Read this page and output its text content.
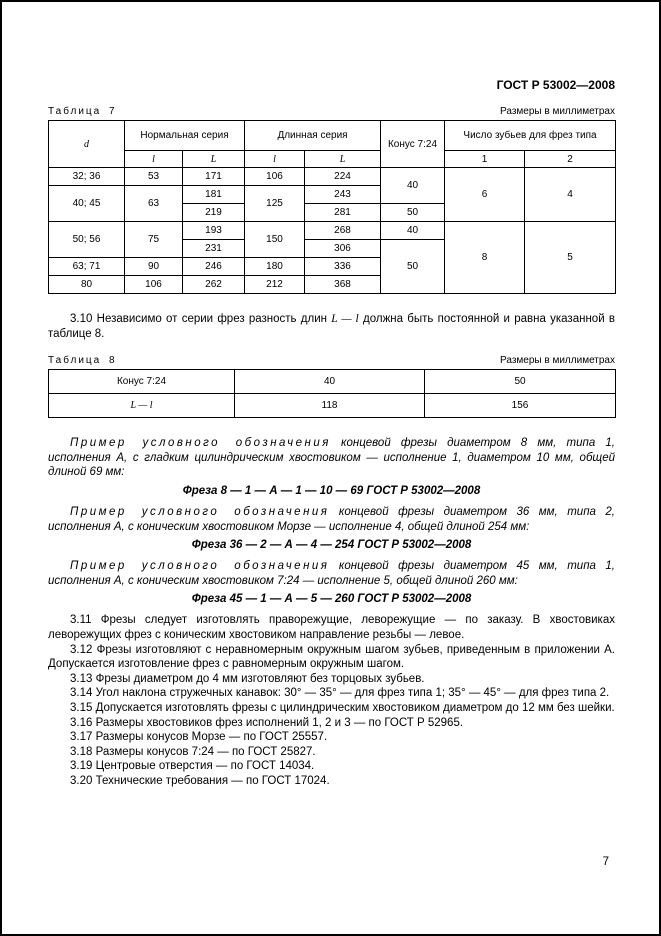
ГОСТ Р 53002—2008
Таблица 7	Размеры в миллиметрах
d	Нормальная серия		Длинная серия		Конус 7:24	Число зубьев для фрез типа	
	l	L	l	L		1	2
32; 36	53	171	106	224	40	6	4
40; 45	63	181	125	243			
		219		281	50		
50; 56	75	193	150	268	40	8	5
		231		306	50		
63; 71	90	246	180	336			
80	106	262	212	368			

3.10 Независимо от серии фрез разность длин L — l должна быть постоянной и равна указанной в таблице 8.

Таблица 8	Размеры в миллиметрах
Конус 7:24	40	50
L — l	118	156

Пример условного обозначения концевой фрезы диаметром 8 мм, типа 1, исполнения А, с гладким цилиндрическим хвостовиком — исполнение 1, диаметром 10 мм, общей длиной 69 мм:

Фреза 8 — 1 — А — 1 — 10 — 69 ГОСТ Р 53002—2008

Пример условного обозначения концевой фрезы диаметром 36 мм, типа 2, исполнения А, с коническим хвостовиком Морзе — исполнение 4, общей длиной 254 мм:

Фреза 36 — 2 — А — 4 — 254 ГОСТ Р 53002—2008

Пример условного обозначения концевой фрезы диаметром 45 мм, типа 1, исполнения А, с коническим хвостовиком 7:24 — исполнение 5, общей длиной 260 мм:

Фреза 45 — 1 — А — 5 — 260 ГОСТ Р 53002—2008

3.11 Фрезы следует изготовлять праворежущие, леворежущие — по заказу. В хвостовиках леворежущих фрез с коническим хвостовиком направление резьбы — левое.

3.12 Фрезы изготовляют с неравномерным окружным шагом зубьев, приведенным в приложении А. Допускается изготовление фрез с равномерным окружным шагом.

3.13 Фрезы диаметром до 4 мм изготовляют без торцовых зубьев.

3.14 Угол наклона стружечных канавок: 30° — 35° — для фрез типа 1; 35° — 45° — для фрез типа 2.

3.15 Допускается изготовлять фрезы с цилиндрическим хвостовиком диаметром до 12 мм без шейки.

3.16 Размеры хвостовиков фрез исполнений 1, 2 и 3 — по ГОСТ Р 52965.

3.17 Размеры конусов Морзе — по ГОСТ 25557.

3.18 Размеры конусов 7:24 — по ГОСТ 25827.

3.19 Центровые отверстия — по ГОСТ 14034.

3.20 Технические требования — по ГОСТ 17024.

7
